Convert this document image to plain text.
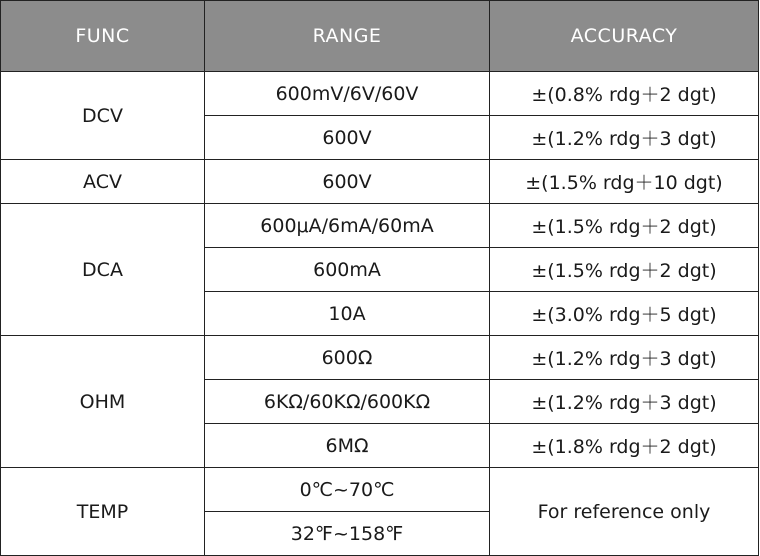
FUNC	RANGE	ACCURACY
DCV	600mV/6V/60V	±(0.8% rdg＋2 dgt)
	600V	±(1.2% rdg＋3 dgt)
ACV	600V	±(1.5% rdg＋10 dgt)
DCA	600μA/6mA/60mA	±(1.5% rdg＋2 dgt)
	600mA	±(1.5% rdg＋2 dgt)
	10A	±(3.0% rdg＋5 dgt)
OHM	600Ω	±(1.2% rdg＋3 dgt)
	6KΩ/60KΩ/600KΩ	±(1.2% rdg＋3 dgt)
	6MΩ	±(1.8% rdg＋2 dgt)
TEMP	0℃~70℃	For reference only
	32℉~158℉	
